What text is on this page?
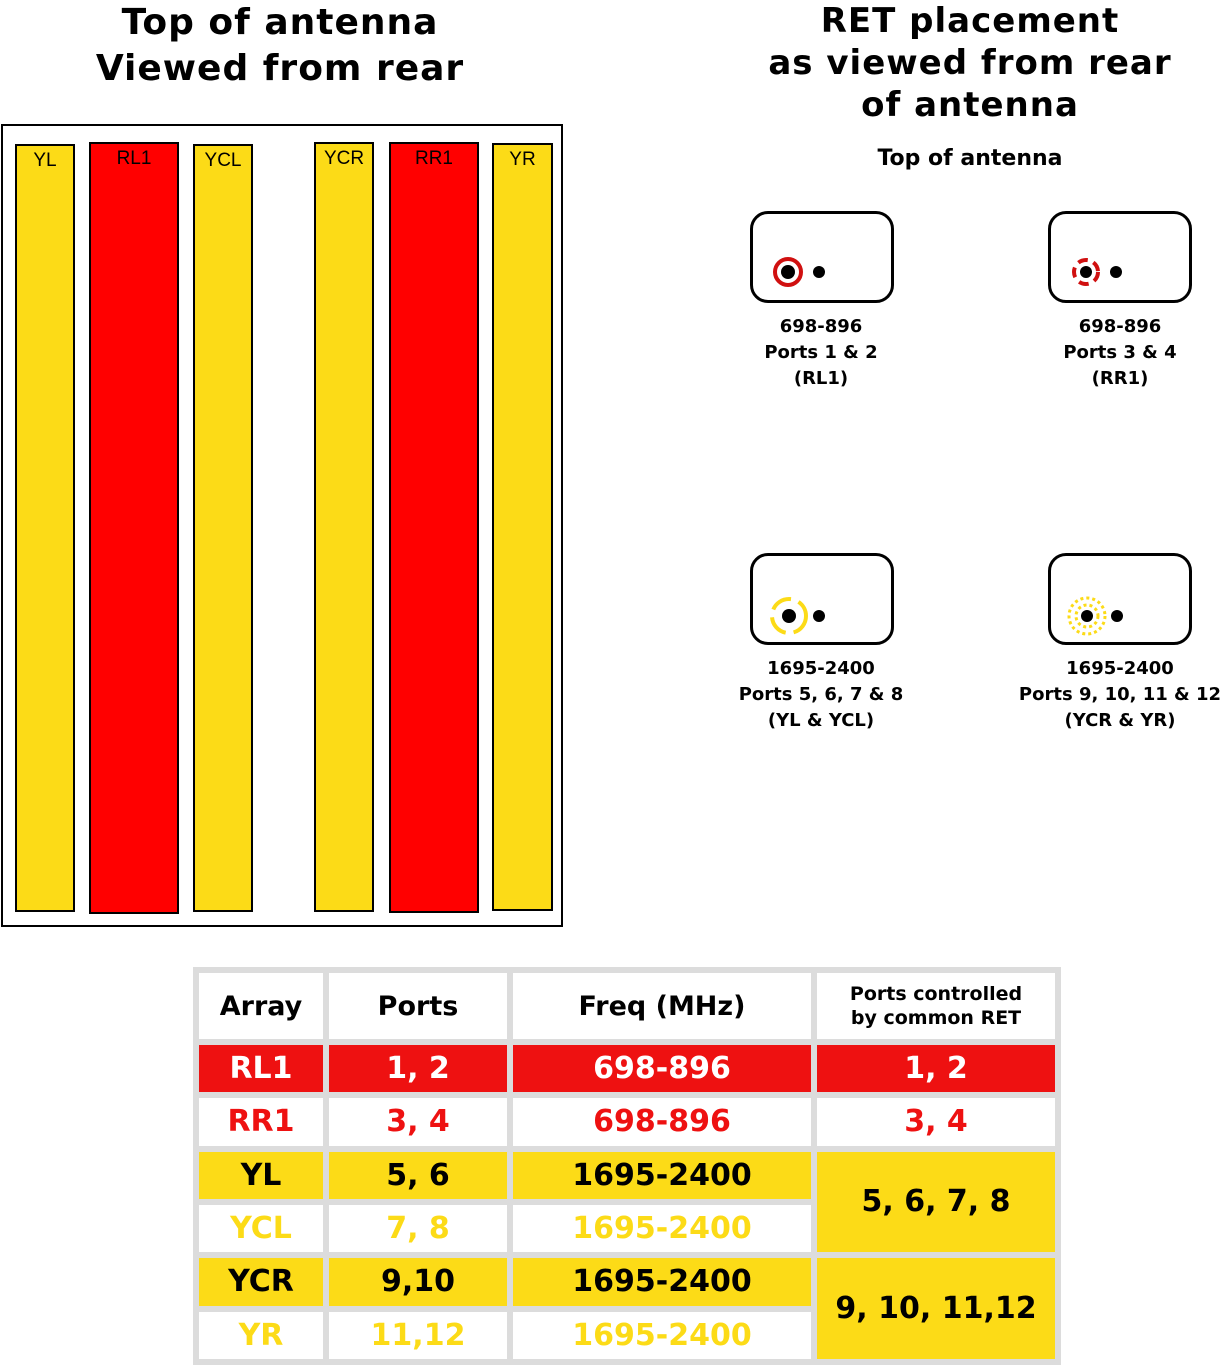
Top of antenna
Viewed from rear
RET placement
as viewed from rear
of antenna
YL	RL1	YCL	YCR	RR1	YR	Top of antenna
698-896
Ports 1 & 2
(RL1)
698-896
Ports 3 & 4
(RR1)
1695-2400
Ports 5, 6, 7 & 8
(YL & YCL)
1695-2400
Ports 9, 10, 11 & 12
(YCR & YR)
Array	Ports	Freq (MHz)	Ports controlled
by common RET
RL1	1, 2	698-896	1, 2
RR1	3, 4	698-896	3, 4
YL	5, 6	1695-2400	5, 6, 7, 8
YCL	7, 8	1695-2400	
YCR	9,10	1695-2400	9, 10, 11,12
YR	11,12	1695-2400	
